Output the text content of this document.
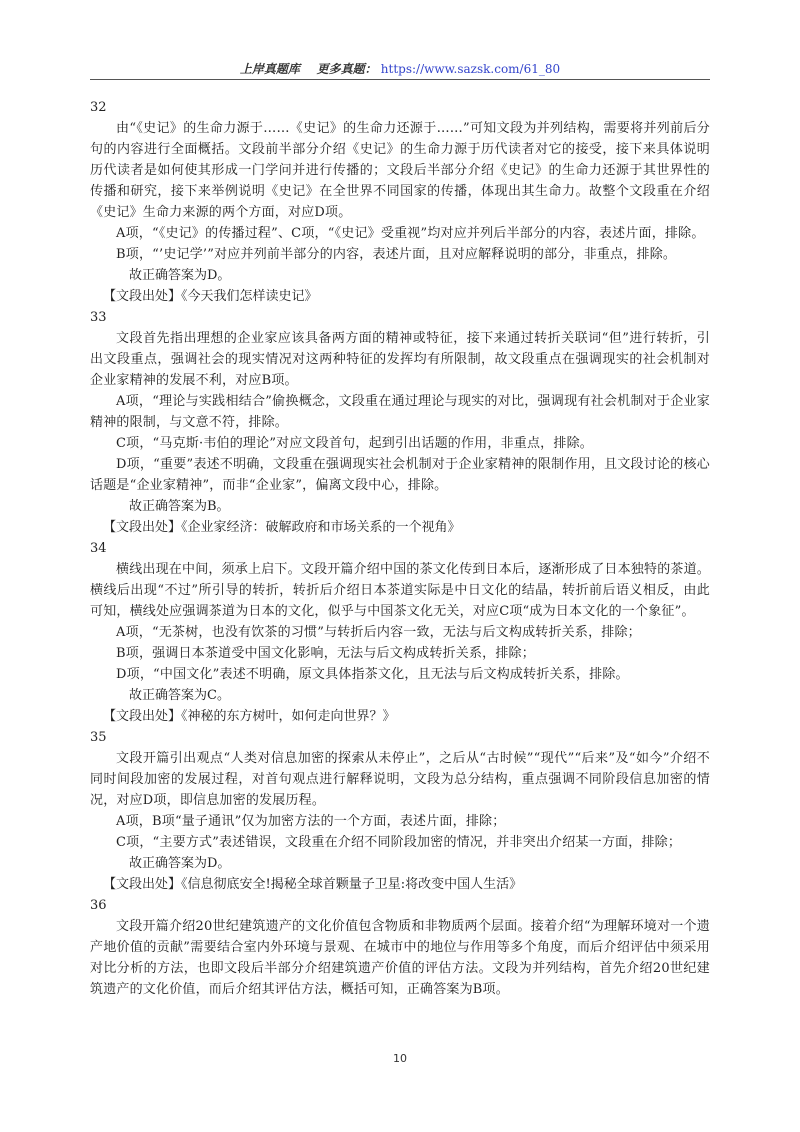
上岸真题库 更多真题： https://www.sazsk.com/61_80

32

由“《史记》的生命力源于……《史记》的生命力还源于……”可知文段为并列结构，需要将并列前后分句的内容进行全面概括。文段前半部分介绍《史记》的生命力源于历代读者对它的接受，接下来具体说明历代读者是如何使其形成一门学问并进行传播的；文段后半部分介绍《史记》的生命力还源于其世界性的传播和研究，接下来举例说明《史记》在全世界不同国家的传播，体现出其生命力。故整个文段重在介绍《史记》生命力来源的两个方面，对应D项。

A项，“《史记》的传播过程”、C项，“《史记》受重视”均对应并列后半部分的内容，表述片面，排除。

B项，“’史记学’”对应并列前半部分的内容，表述片面，且对应解释说明的部分，非重点，排除。

故正确答案为D。

【文段出处】《今天我们怎样读史记》

33

文段首先指出理想的企业家应该具备两方面的精神或特征，接下来通过转折关联词“但”进行转折，引出文段重点，强调社会的现实情况对这两种特征的发挥均有所限制，故文段重点在强调现实的社会机制对企业家精神的发展不利，对应B项。

A项，“理论与实践相结合”偷换概念，文段重在通过理论与现实的对比，强调现有社会机制对于企业家精神的限制，与文意不符，排除。

C项，“马克斯·韦伯的理论”对应文段首句，起到引出话题的作用，非重点，排除。

D项，“重要”表述不明确，文段重在强调现实社会机制对于企业家精神的限制作用，且文段讨论的核心话题是“企业家精神”，而非“企业家”，偏离文段中心，排除。

故正确答案为B。

【文段出处】《企业家经济：破解政府和市场关系的一个视角》

34

横线出现在中间，须承上启下。文段开篇介绍中国的茶文化传到日本后，逐渐形成了日本独特的茶道。横线后出现“不过”所引导的转折，转折后介绍日本茶道实际是中日文化的结晶，转折前后语义相反，由此可知，横线处应强调茶道为日本的文化，似乎与中国茶文化无关，对应C项“成为日本文化的一个象征”。

A项，“无茶树，也没有饮茶的习惯”与转折后内容一致，无法与后文构成转折关系，排除；

B项，强调日本茶道受中国文化影响，无法与后文构成转折关系，排除；

D项，“中国文化”表述不明确，原文具体指茶文化，且无法与后文构成转折关系，排除。

故正确答案为C。

【文段出处】《神秘的东方树叶，如何走向世界？》

35

文段开篇引出观点“人类对信息加密的探索从未停止”，之后从“古时候”“现代”“后来”及“如今”介绍不同时间段加密的发展过程，对首句观点进行解释说明，文段为总分结构，重点强调不同阶段信息加密的情况，对应D项，即信息加密的发展历程。

A项，B项“量子通讯”仅为加密方法的一个方面，表述片面，排除；

C项，“主要方式”表述错误，文段重在介绍不同阶段加密的情况，并非突出介绍某一方面，排除；

故正确答案为D。

【文段出处】《信息彻底安全!揭秘全球首颗量子卫星:将改变中国人生活》

36

文段开篇介绍20世纪建筑遗产的文化价值包含物质和非物质两个层面。接着介绍“为理解环境对一个遗产地价值的贡献”需要结合室内外环境与景观、在城市中的地位与作用等多个角度，而后介绍评估中须采用对比分析的方法，也即文段后半部分介绍建筑遗产价值的评估方法。文段为并列结构，首先介绍20世纪建筑遗产的文化价值，而后介绍其评估方法，概括可知，正确答案为B项。

10
